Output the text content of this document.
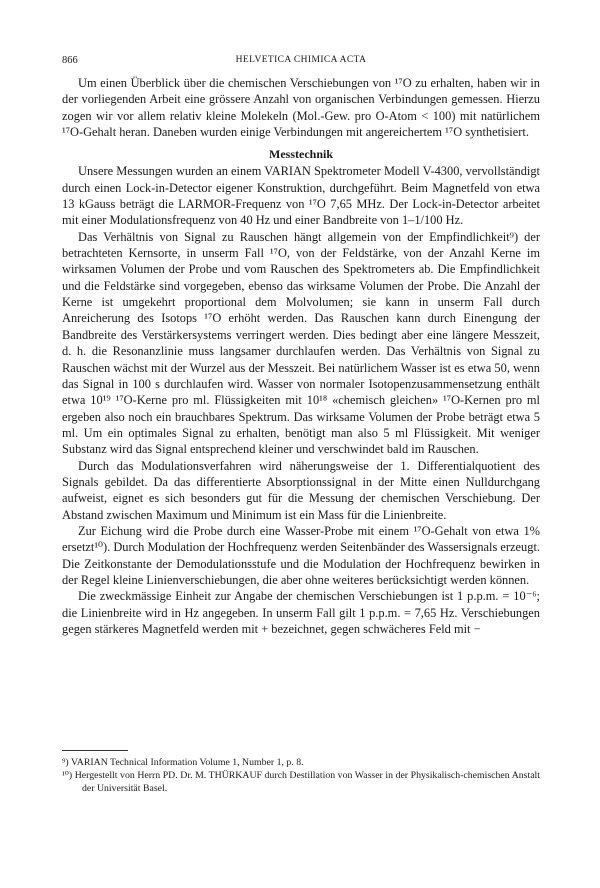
866	HELVETICA CHIMICA ACTA

Um einen Überblick über die chemischen Verschiebungen von ¹⁷O zu erhalten, haben wir in der vorliegenden Arbeit eine grössere Anzahl von organischen Verbindungen gemessen. Hierzu zogen wir vor allem relativ kleine Molekeln (Mol.-Gew. pro O-Atom < 100) mit natürlichem ¹⁷O-Gehalt heran. Daneben wurden einige Verbindungen mit angereichertem ¹⁷O synthetisiert.

Messtechnik

Unsere Messungen wurden an einem VARIAN Spektrometer Modell V-4300, vervollständigt durch einen Lock-in-Detector eigener Konstruktion, durchgeführt. Beim Magnetfeld von etwa 13 kGauss beträgt die LARMOR-Frequenz von ¹⁷O 7,65 MHz. Der Lock-in-Detector arbeitet mit einer Modulationsfrequenz von 40 Hz und einer Bandbreite von 1–1/100 Hz.

Das Verhältnis von Signal zu Rauschen hängt allgemein von der Empfindlichkeit⁹) der betrachteten Kernsorte, in unserm Fall ¹⁷O, von der Feldstärke, von der Anzahl Kerne im wirksamen Volumen der Probe und vom Rauschen des Spektrometers ab. Die Empfindlichkeit und die Feldstärke sind vorgegeben, ebenso das wirksame Volumen der Probe. Die Anzahl der Kerne ist umgekehrt proportional dem Molvolumen; sie kann in unserm Fall durch Anreicherung des Isotops ¹⁷O erhöht werden. Das Rauschen kann durch Einengung der Bandbreite des Verstärkersystems verringert werden. Dies bedingt aber eine längere Messzeit, d. h. die Resonanzlinie muss langsamer durchlaufen werden. Das Verhältnis von Signal zu Rauschen wächst mit der Wurzel aus der Messzeit. Bei natürlichem Wasser ist es etwa 50, wenn das Signal in 100 s durchlaufen wird. Wasser von normaler Isotopenzusammensetzung enthält etwa 10¹⁹ ¹⁷O-Kerne pro ml. Flüssigkeiten mit 10¹⁸ «chemisch gleichen» ¹⁷O-Kernen pro ml ergeben also noch ein brauchbares Spektrum. Das wirksame Volumen der Probe beträgt etwa 5 ml. Um ein optimales Signal zu erhalten, benötigt man also 5 ml Flüssigkeit. Mit weniger Substanz wird das Signal entsprechend kleiner und verschwindet bald im Rauschen.

Durch das Modulationsverfahren wird näherungsweise der 1. Differentialquotient des Signals gebildet. Da das differentierte Absorptionssignal in der Mitte einen Nulldurchgang aufweist, eignet es sich besonders gut für die Messung der chemischen Verschiebung. Der Abstand zwischen Maximum und Minimum ist ein Mass für die Linienbreite.

Zur Eichung wird die Probe durch eine Wasser-Probe mit einem ¹⁷O-Gehalt von etwa 1% ersetzt¹⁰). Durch Modulation der Hochfrequenz werden Seitenbänder des Wassersignals erzeugt. Die Zeitkonstante der Demodulationsstufe und die Modulation der Hochfrequenz bewirken in der Regel kleine Linienverschiebungen, die aber ohne weiteres berücksichtigt werden können.

Die zweckmässige Einheit zur Angabe der chemischen Verschiebungen ist 1 p.p.m. = 10⁻⁶; die Linienbreite wird in Hz angegeben. In unserm Fall gilt 1 p.p.m. = 7,65 Hz. Verschiebungen gegen stärkeres Magnetfeld werden mit + bezeichnet, gegen schwächeres Feld mit −

⁹) VARIAN Technical Information Volume 1, Number 1, p. 8.

¹⁰) Hergestellt von Herrn PD. Dr. M. THÜRKAUF durch Destillation von Wasser in der Physikalisch-chemischen Anstalt der Universität Basel.
